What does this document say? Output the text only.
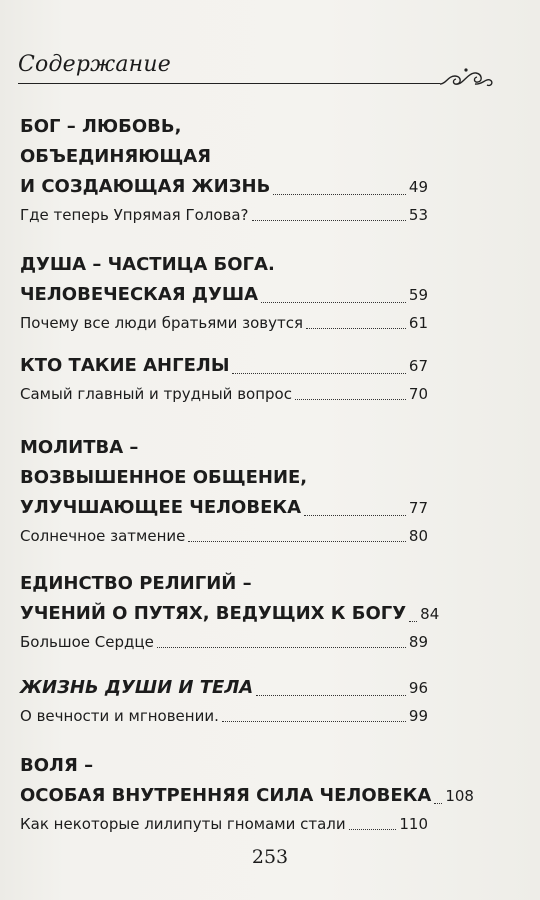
Содержание
БОГ – ЛЮБОВЬ,
ОБЪЕДИНЯЮЩАЯ
И СОЗДАЮЩАЯ ЖИЗНЬ	49
Где теперь Упрямая Голова?	53
ДУША – ЧАСТИЦА БОГА.
ЧЕЛОВЕЧЕСКАЯ ДУША	59
Почему все люди братьями зовутся	61
КТО ТАКИЕ АНГЕЛЫ	67
Самый главный и трудный вопрос	70
МОЛИТВА –
ВОЗВЫШЕННОЕ ОБЩЕНИЕ,
УЛУЧШАЮЩЕЕ ЧЕЛОВЕКА	77
Солнечное затмение	80
ЕДИНСТВО РЕЛИГИЙ –
УЧЕНИЙ О ПУТЯХ, ВЕДУЩИХ К БОГУ 84
Большое Сердце	89
ЖИЗНЬ ДУШИ И ТЕЛА	96
О вечности и мгновении.	99
ВОЛЯ –
ОСОБАЯ ВНУТРЕННЯЯ СИЛА ЧЕЛОВЕКА 108
Как некоторые лилипуты гномами стали	110
253
